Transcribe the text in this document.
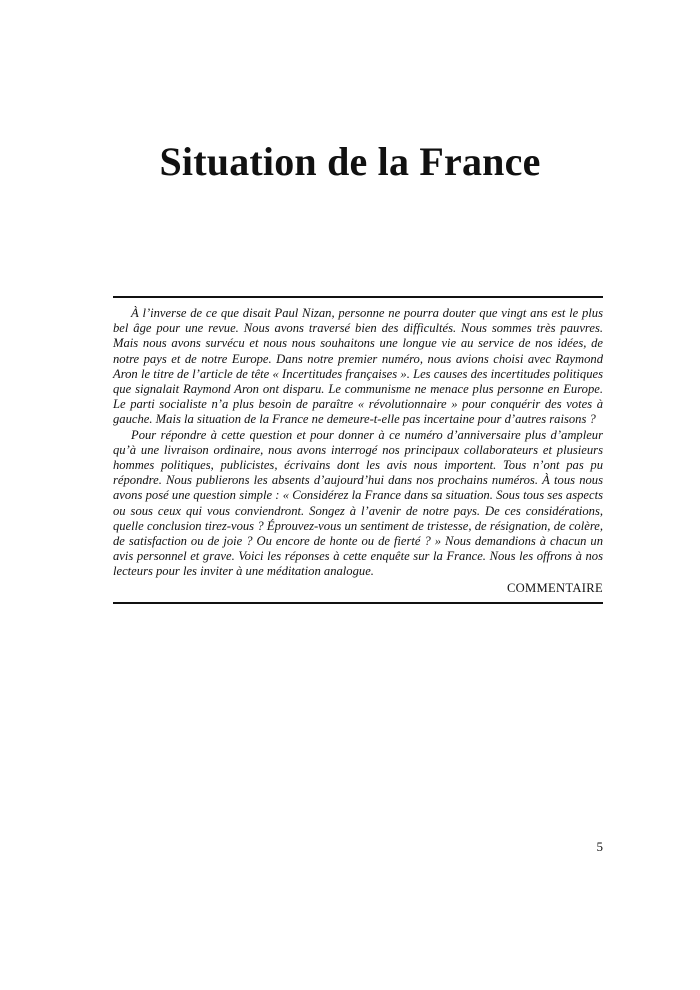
Situation de la France

À l’inverse de ce que disait Paul Nizan, personne ne pourra douter que vingt ans est le plus bel âge pour une revue. Nous avons traversé bien des difficultés. Nous sommes très pauvres. Mais nous avons survécu et nous nous souhaitons une longue vie au service de nos idées, de notre pays et de notre Europe. Dans notre premier numéro, nous avions choisi avec Raymond Aron le titre de l’article de tête « Incertitudes françaises ». Les causes des incertitudes politiques que signalait Raymond Aron ont disparu. Le communisme ne menace plus personne en Europe. Le parti socialiste n’a plus besoin de paraître « révolutionnaire » pour conquérir des votes à gauche. Mais la situation de la France ne demeure-t-elle pas incertaine pour d’autres raisons ?

Pour répondre à cette question et pour donner à ce numéro d’anniversaire plus d’ampleur qu’à une livraison ordinaire, nous avons interrogé nos principaux collaborateurs et plusieurs hommes politiques, publicistes, écrivains dont les avis nous importent. Tous n’ont pas pu répondre. Nous publierons les absents d’aujourd’hui dans nos prochains numéros. À tous nous avons posé une question simple : « Considérez la France dans sa situation. Sous tous ses aspects ou sous ceux qui vous conviendront. Songez à l’avenir de notre pays. De ces considérations, quelle conclusion tirez-vous ? Éprouvez-vous un sentiment de tristesse, de résignation, de colère, de satisfaction ou de joie ? Ou encore de honte ou de fierté ? » Nous demandions à chacun un avis personnel et grave. Voici les réponses à cette enquête sur la France. Nous les offrons à nos lecteurs pour les inviter à une méditation analogue.

COMMENTAIRE

5
